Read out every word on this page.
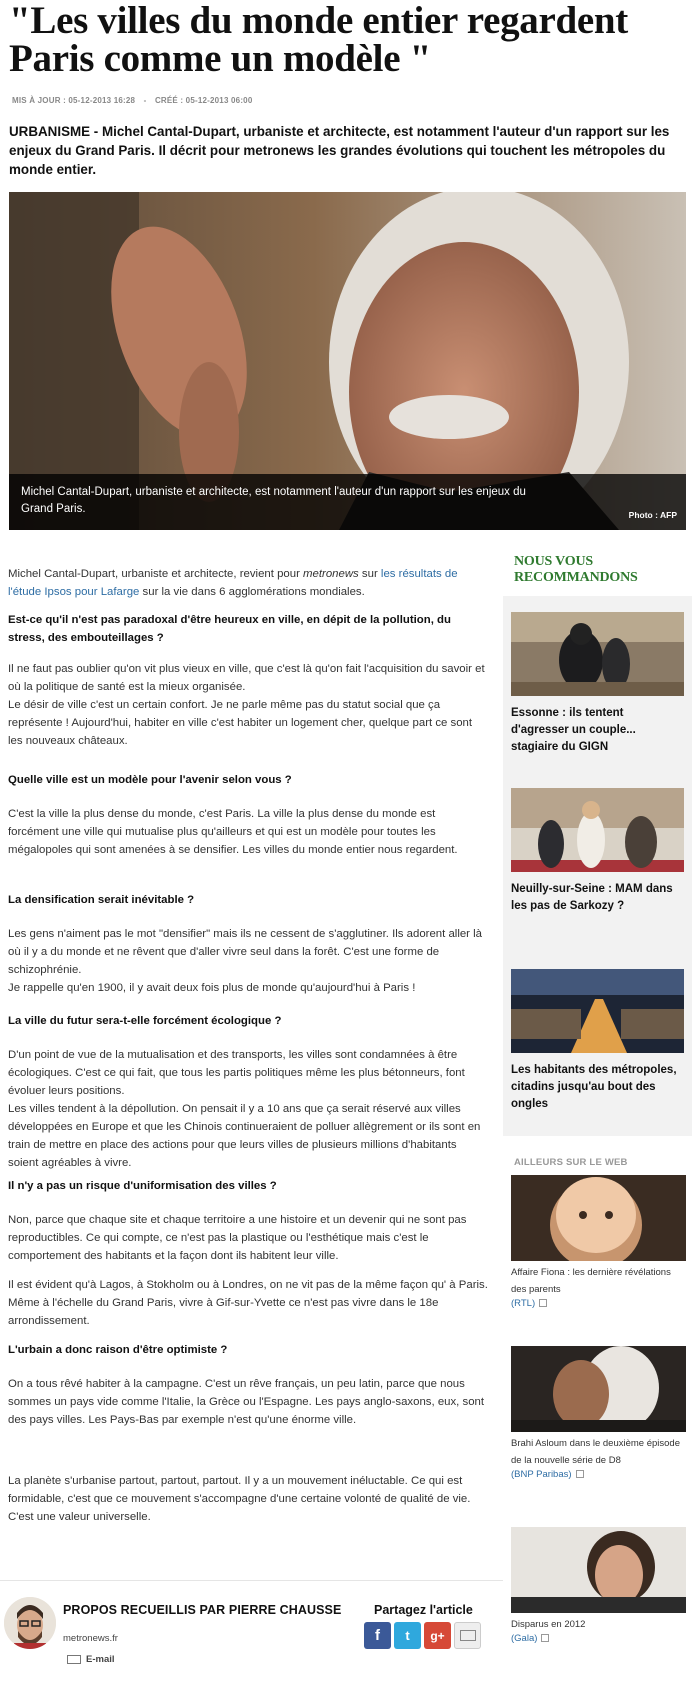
"Les villes du monde entier regardent Paris comme un modèle "
MIS À JOUR : 05-12-2013 16:28 - CRÉÉ : 05-12-2013 06:00
URBANISME - Michel Cantal-Dupart, urbaniste et architecte, est notamment l'auteur d'un rapport sur les enjeux du Grand Paris. Il décrit pour metronews les grandes évolutions qui touchent les métropoles du monde entier.
Michel Cantal-Dupart, urbaniste et architecte, est notamment l'auteur d'un rapport sur les enjeux du Grand Paris.	Photo : AFP
Michel Cantal-Dupart, urbaniste et architecte, revient pour metronews sur les résultats de l'étude Ipsos pour Lafarge sur la vie dans 6 agglomérations mondiales.
Est-ce qu'il n'est pas paradoxal d'être heureux en ville, en dépit de la pollution, du stress, des embouteillages ?
Il ne faut pas oublier qu'on vit plus vieux en ville, que c'est là qu'on fait l'acquisition du savoir et où la politique de santé est la mieux organisée.
Le désir de ville c'est un certain confort. Je ne parle même pas du statut social que ça représente ! Aujourd'hui, habiter en ville c'est habiter un logement cher, quelque part ce sont les nouveaux châteaux.
Quelle ville est un modèle pour l'avenir selon vous ?
C'est la ville la plus dense du monde, c'est Paris. La ville la plus dense du monde est forcément une ville qui mutualise plus qu'ailleurs et qui est un modèle pour toutes les mégalopoles qui sont amenées à se densifier. Les villes du monde entier nous regardent.
La densification serait inévitable ?
Les gens n'aiment pas le mot "densifier" mais ils ne cessent de s'agglutiner. Ils adorent aller là où il y a du monde et ne rêvent que d'aller vivre seul dans la forêt. C'est une forme de schizophrénie.
Je rappelle qu'en 1900, il y avait deux fois plus de monde qu'aujourd'hui à Paris !
La ville du futur sera-t-elle forcément écologique ?
D'un point de vue de la mutualisation et des transports, les villes sont condamnées à être écologiques. C'est ce qui fait, que tous les partis politiques même les plus bétonneurs, font évoluer leurs positions.
Les villes tendent à la dépollution. On pensait il y a 10 ans que ça serait réservé aux villes développées en Europe et que les Chinois continueraient de polluer allègrement or ils sont en train de mettre en place des actions pour que leurs villes de plusieurs millions d'habitants soient agréables à vivre.
Il n'y a pas un risque d'uniformisation des villes ?
Non, parce que chaque site et chaque territoire a une histoire et un devenir qui ne sont pas reproductibles. Ce qui compte, ce n'est pas la plastique ou l'esthétique mais c'est le comportement des habitants et la façon dont ils habitent leur ville.
Il est évident qu'à Lagos, à Stokholm ou à Londres, on ne vit pas de la même façon qu' à Paris. Même à l'échelle du Grand Paris, vivre à Gif-sur-Yvette ce n'est pas vivre dans le 18e arrondissement.
L'urbain a donc raison d'être optimiste ?
On a tous rêvé habiter à la campagne. C'est un rêve français, un peu latin, parce que nous sommes un pays vide comme l'Italie, la Grèce ou l'Espagne. Les pays anglo-saxons, eux, sont des pays villes. Les Pays-Bas par exemple n'est qu'une énorme ville.
La planète s'urbanise partout, partout, partout. Il y a un mouvement inéluctable. Ce qui est formidable, c'est que ce mouvement s'accompagne d'une certaine volonté de qualité de vie. C'est une valeur universelle.
NOUS VOUS RECOMMANDONS
Essonne : ils tentent d'agresser un couple... stagiaire du GIGN
Neuilly-sur-Seine : MAM dans les pas de Sarkozy ?
Les habitants des métropoles, citadins jusqu'au bout des ongles
AILLEURS SUR LE WEB
Affaire Fiona : les dernière révélations des parents
(RTL)
Brahi Asloum dans le deuxième épisode de la nouvelle série de D8
(BNP Paribas)
Disparus en 2012
(Gala)
PROPOS RECUEILLIS PAR PIERRE CHAUSSE	Partagez l'article
metronews.fr
E-mail
f t g+
